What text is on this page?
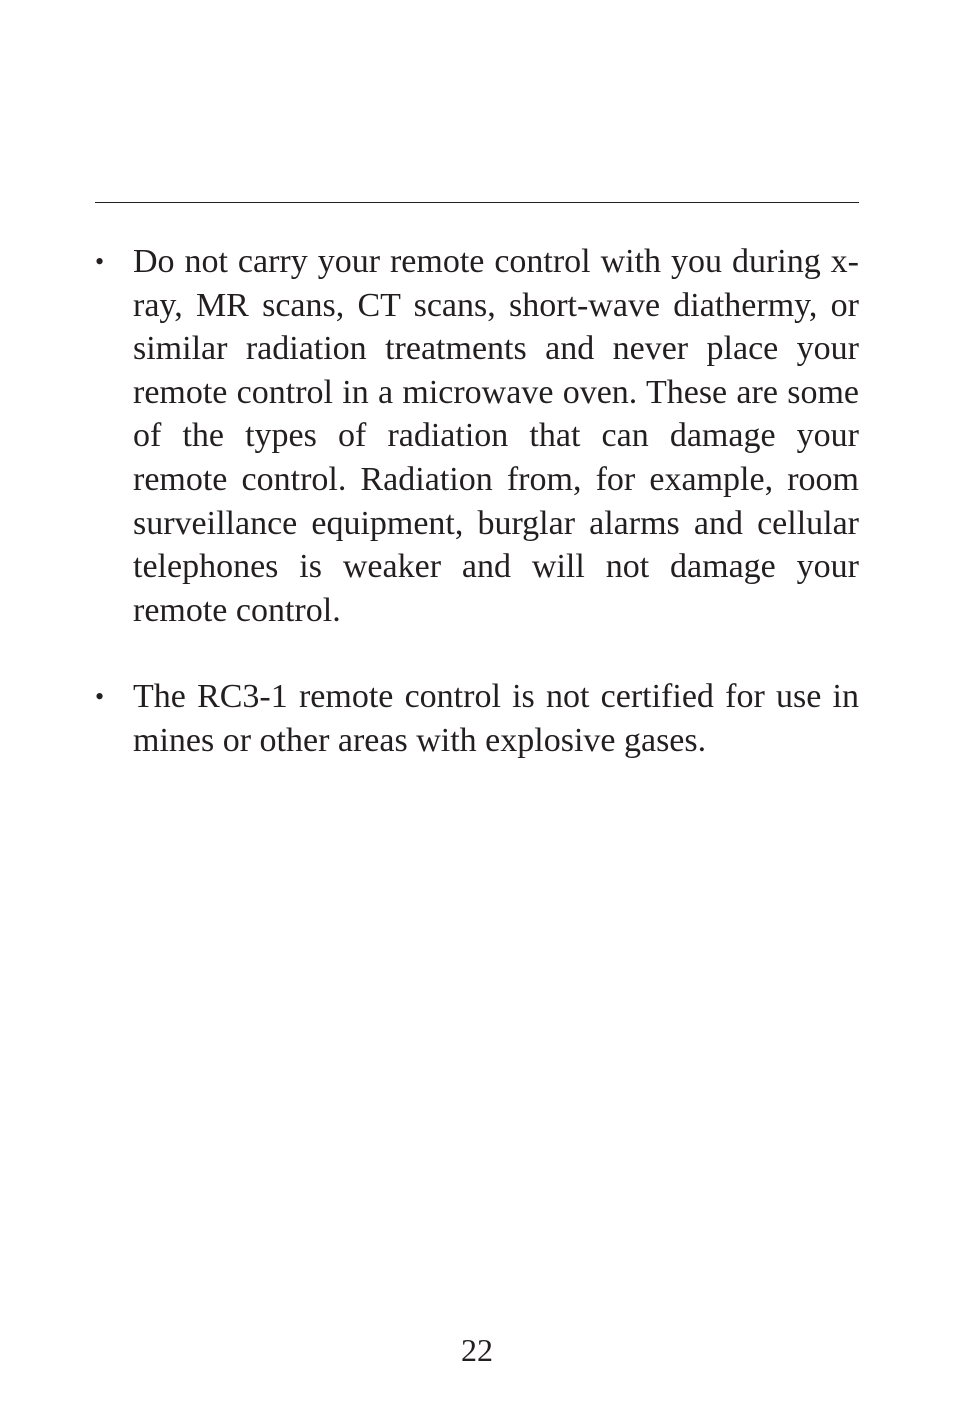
• Do not carry your remote control with you during x-ray, MR scans, CT scans, short-wave diathermy, or similar radiation treatments and never place your remote control in a microwave oven. These are some of the types of radiation that can damage your remote control. Radiation from, for example, room surveillance equipment, burglar alarms and cellular telephones is weaker and will not damage your remote control.
• The RC3-1 remote control is not certified for use in mines or other areas with explosive gases.
22
